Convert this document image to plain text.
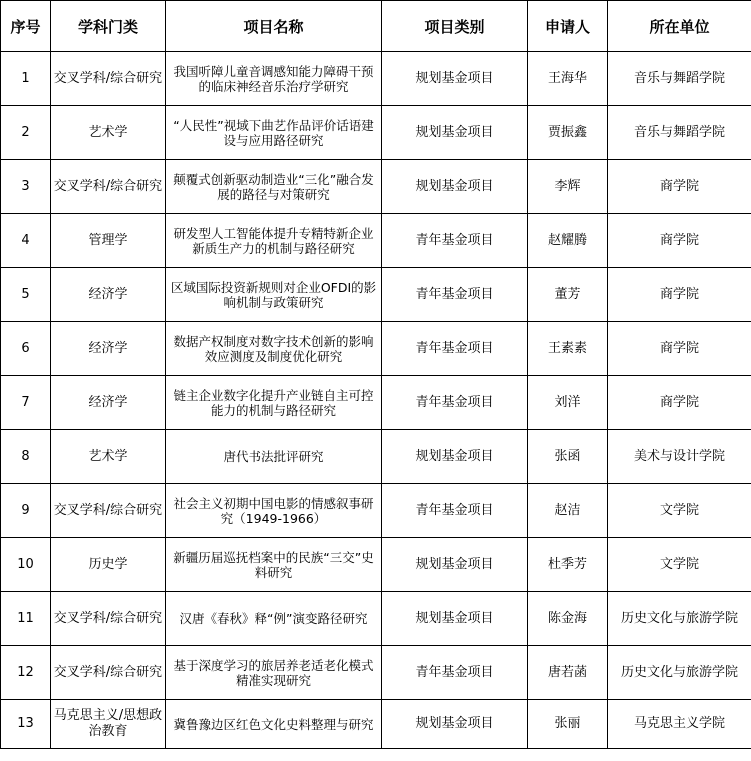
序号	学科门类	项目名称	项目类别	申请人	所在单位
1	交叉学科/综合研究	我国听障儿童音调感知能力障碍干预的临床神经音乐治疗学研究	规划基金项目	王海华	音乐与舞蹈学院
2	艺术学	“人民性”视域下曲艺作品评价话语建设与应用路径研究	规划基金项目	贾振鑫	音乐与舞蹈学院
3	交叉学科/综合研究	颠覆式创新驱动制造业“三化”融合发展的路径与对策研究	规划基金项目	李辉	商学院
4	管理学	研发型人工智能体提升专精特新企业新质生产力的机制与路径研究	青年基金项目	赵耀腾	商学院
5	经济学	区域国际投资新规则对企业OFDI的影响机制与政策研究	青年基金项目	董芳	商学院
6	经济学	数据产权制度对数字技术创新的影响效应测度及制度优化研究	青年基金项目	王素素	商学院
7	经济学	链主企业数字化提升产业链自主可控能力的机制与路径研究	青年基金项目	刘洋	商学院
8	艺术学	唐代书法批评研究	规划基金项目	张函	美术与设计学院
9	交叉学科/综合研究	社会主义初期中国电影的情感叙事研究（1949-1966）	青年基金项目	赵洁	文学院
10	历史学	新疆历届巡抚档案中的民族“三交”史料研究	规划基金项目	杜季芳	文学院
11	交叉学科/综合研究	汉唐《春秋》释“例”演变路径研究	规划基金项目	陈金海	历史文化与旅游学院
12	交叉学科/综合研究	基于深度学习的旅居养老适老化模式精准实现研究	青年基金项目	唐若菡	历史文化与旅游学院
13	马克思主义/思想政治教育	冀鲁豫边区红色文化史料整理与研究	规划基金项目	张丽	马克思主义学院
